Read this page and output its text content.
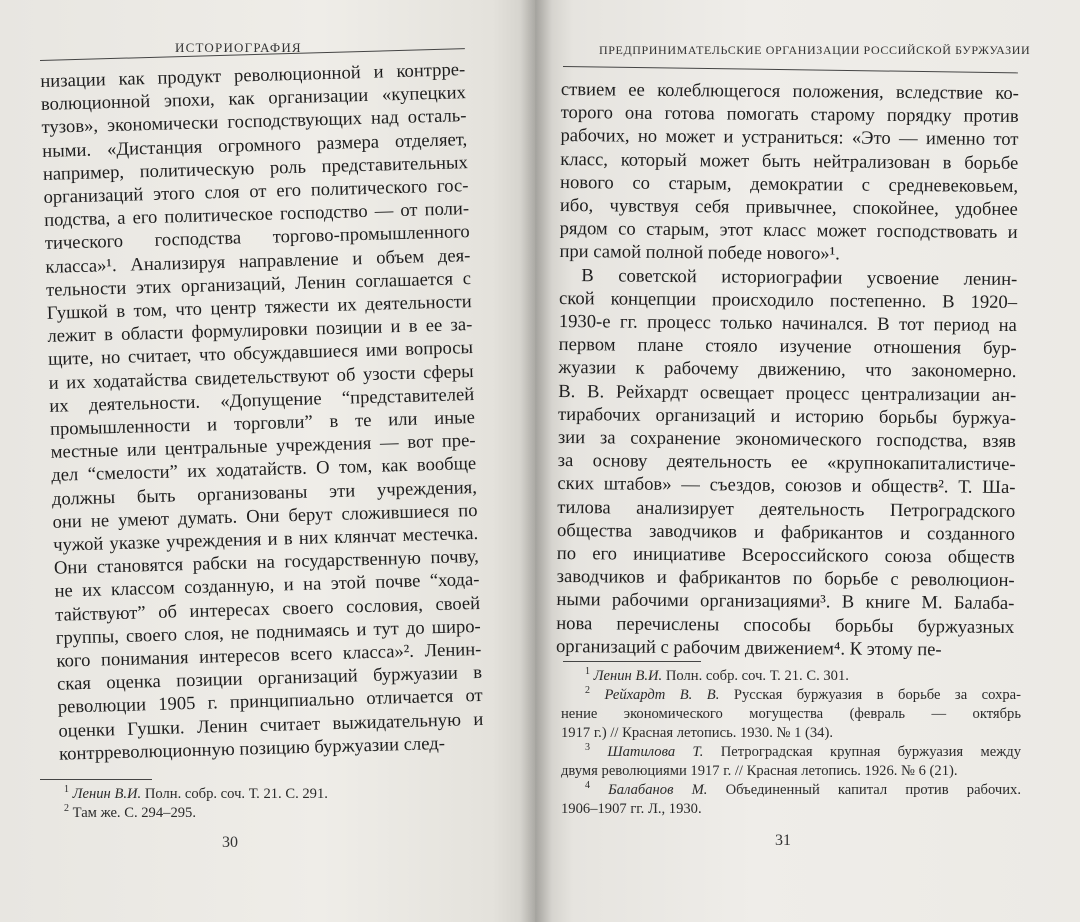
ИСТОРИОГРАФИЯ
низации как продукт революционной и контрре-
волюционной эпохи, как организации «купецких
тузов», экономически господствующих над осталь-
ными. «Дистанция огромного размера отделяет,
например, политическую роль представительных
организаций этого слоя от его политического гос-
подства, а его политическое господство — от поли-
тического господства торгово-промышленного
класса»¹. Анализируя направление и объем дея-
тельности этих организаций, Ленин соглашается с
Гушкой в том, что центр тяжести их деятельности
лежит в области формулировки позиции и в ее за-
щите, но считает, что обсуждавшиеся ими вопросы
и их ходатайства свидетельствуют об узости сферы
их деятельности. «Допущение “представителей
промышленности и торговли” в те или иные
местные или центральные учреждения — вот пре-
дел “смелости” их ходатайств. О том, как вообще
должны быть организованы эти учреждения,
они не умеют думать. Они берут сложившиеся по
чужой указке учреждения и в них клянчат местечка.
Они становятся рабски на государственную почву,
не их классом созданную, и на этой почве “хода-
тайствуют” об интересах своего сословия, своей
группы, своего слоя, не поднимаясь и тут до широ-
кого понимания интересов всего класса»². Ленин-
ская оценка позиции организаций буржуазии в
революции 1905 г. принципиально отличается от
оценки Гушки. Ленин считает выжидательную и
контрреволюционную позицию буржуазии след-
$^1$ Ленин В.И. Полн. собр. соч. Т. 21. С. 291.
$^2$ Там же. С. 294–295.
30
ПРЕДПРИНИМАТЕЛЬСКИЕ ОРГАНИЗАЦИИ РОССИЙСКОЙ БУРЖУАЗИИ
ствием ее колеблющегося положения, вследствие ко-
торого она готова помогать старому порядку против
рабочих, но может и устраниться: «Это — именно тот
класс, который может быть нейтрализован в борьбе
нового со старым, демократии с средневековьем,
ибо, чувствуя себя привычнее, спокойнее, удобнее
рядом со старым, этот класс может господствовать и
при самой полной победе нового»¹.
В советской историографии усвоение ленин-
ской концепции происходило постепенно. В 1920–
1930-е гг. процесс только начинался. В тот период на
первом плане стояло изучение отношения бур-
жуазии к рабочему движению, что закономерно.
В. В. Рейхардт освещает процесс централизации ан-
тирабочих организаций и историю борьбы буржуа-
зии за сохранение экономического господства, взяв
за основу деятельность ее «крупнокапиталистиче-
ских штабов» — съездов, союзов и обществ². Т. Ша-
тилова анализирует деятельность Петроградского
общества заводчиков и фабрикантов и созданного
по его инициативе Всероссийского союза обществ
заводчиков и фабрикантов по борьбе с революцион-
ными рабочими организациями³. В книге М. Балаба-
нова перечислены способы борьбы буржуазных
организаций с рабочим движением⁴. К этому пе-
$^1$ Ленин В.И. Полн. собр. соч. Т. 21. С. 301.
$^2$ Рейхардт В. В. Русская буржуазия в борьбе за сохра-
нение экономического могущества (февраль — октябрь
1917 г.) // Красная летопись. 1930. № 1 (34).
$^3$ Шатилова Т. Петроградская крупная буржуазия между
двумя революциями 1917 г. // Красная летопись. 1926. № 6 (21).
$^4$ Балабанов М. Объединенный капитал против рабочих.
1906–1907 гг. Л., 1930.
31
